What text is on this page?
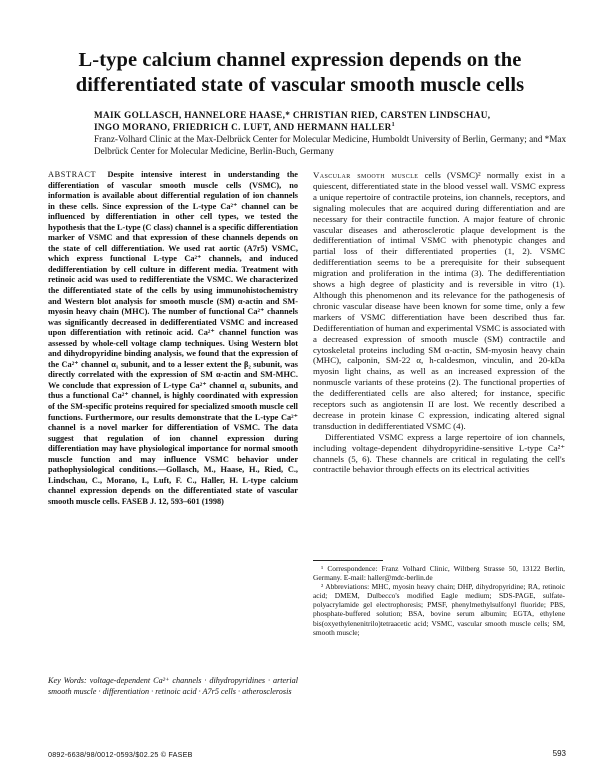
L-type calcium channel expression depends on the
differentiated state of vascular smooth muscle cells
MAIK GOLLASCH, HANNELORE HAASE,* CHRISTIAN RIED, CARSTEN LINDSCHAU,
INGO MORANO, FRIEDRICH C. LUFT, AND HERMANN HALLER$^1$
Franz-Volhard Clinic at the Max-Delbrück Center for Molecular Medicine, Humboldt University of Berlin, Germany; and *Max Delbrück Center for Molecular Medicine, Berlin-Buch, Germany
ABSTRACT Despite intensive interest in understanding the differentiation of vascular smooth muscle cells (VSMC), no information is available about differential regulation of ion channels in these cells. Since expression of the L-type Ca²⁺ channel can be influenced by differentiation in other cell types, we tested the hypothesis that the L-type (C class) channel is a specific differentiation marker of VSMC and that expression of these channels depends on the state of cell differentiation. We used rat aortic (A7r5) VSMC, which express functional L-type Ca²⁺ channels, and induced dedifferentiation by cell culture in different media. Treatment with retinoic acid was used to redifferentiate the VSMC. We characterized the differentiated state of the cells by using immunohistochemistry and Western blot analysis for smooth muscle (SM) α-actin and SM-myosin heavy chain (MHC). The number of functional Ca²⁺ channels was significantly decreased in dedifferentiated VSMC and increased upon differentiation with retinoic acid. Ca²⁺ channel function was assessed by whole-cell voltage clamp techniques. Using Western blot and dihydropyridine binding analysis, we found that the expression of the Ca²⁺ channel α₁ subunit, and to a lesser extent the β₂ subunit, was directly correlated with the expression of SM α-actin and SM-MHC. We conclude that expression of L-type Ca²⁺ channel α₁ subunits, and thus a functional Ca²⁺ channel, is highly coordinated with expression of the SM-specific proteins required for specialized smooth muscle cell functions. Furthermore, our results demonstrate that the L-type Ca²⁺ channel is a novel marker for differentiation of VSMC. The data suggest that regulation of ion channel expression during differentiation may have physiological importance for normal smooth muscle function and may influence VSMC behavior under pathophysiological conditions.—Gollasch, M., Haase, H., Ried, C., Lindschau, C., Morano, I., Luft, F. C., Haller, H. L-type calcium channel expression depends on the differentiated state of vascular smooth muscle cells. FASEB J. 12, 593–601 (1998)
Key Words: voltage-dependent Ca²⁺ channels · dihydropyridines · arterial smooth muscle · differentiation · retinoic acid · A7r5 cells · atherosclerosis

Vascular smooth muscle cells (VSMC)² normally exist in a quiescent, differentiated state in the blood vessel wall. VSMC express a unique repertoire of contractile proteins, ion channels, receptors, and signaling molecules that are acquired during differentiation and are necessary for their contractile function. A major feature of chronic vascular diseases and atherosclerotic plaque development is the dedifferentiation of intimal VSMC with phenotypic changes and partial loss of their differentiated properties (1, 2). VSMC dedifferentiation seems to be a prerequisite for their subsequent migration and proliferation in the intima (3). The dedifferentiation shows a high degree of plasticity and is reversible in vitro (1). Although this phenomenon and its relevance for the pathogenesis of chronic vascular disease have been known for some time, only a few markers of VSMC differentiation have been described thus far. Dedifferentiation of human and experimental VSMC is associated with a decreased expression of smooth muscle (SM) contractile and cytoskeletal proteins including SM α-actin, SM-myosin heavy chain (MHC), calponin, SM-22 α, h-caldesmon, vinculin, and 20-kDa myosin light chains, as well as an increased expression of the nonmuscle variants of these proteins (2). The functional properties of the dedifferentiated cells are also altered; for instance, specific receptors such as angiotensin II are lost. We recently described a decrease in protein kinase C expression, indicating altered signal transduction in dedifferentiated VSMC (4).

Differentiated VSMC express a large repertoire of ion channels, including voltage-dependent dihydropyridine-sensitive L-type Ca²⁺ channels (5, 6). These channels are critical in regulating the cell's contractile behavior through effects on its electrical activities

¹ Correspondence: Franz Volhard Clinic, Wiltberg Strasse 50, 13122 Berlin, Germany. E-mail: haller@mdc-berlin.de

² Abbreviations: MHC, myosin heavy chain; DHP, dihydropyridine; RA, retinoic acid; DMEM, Dulbecco's modified Eagle medium; SDS-PAGE, sulfate-polyacrylamide gel electrophoresis; PMSF, phenylmethylsulfonyl fluoride; PBS, phosphate-buffered solution; BSA, bovine serum albumin; EGTA, ethylene bis(oxyethylenenitrilo)tetraacetic acid; VSMC, vascular smooth muscle cells; SM, smooth muscle;

0892-6638/98/0012-0593/$02.25 © FASEB	593
